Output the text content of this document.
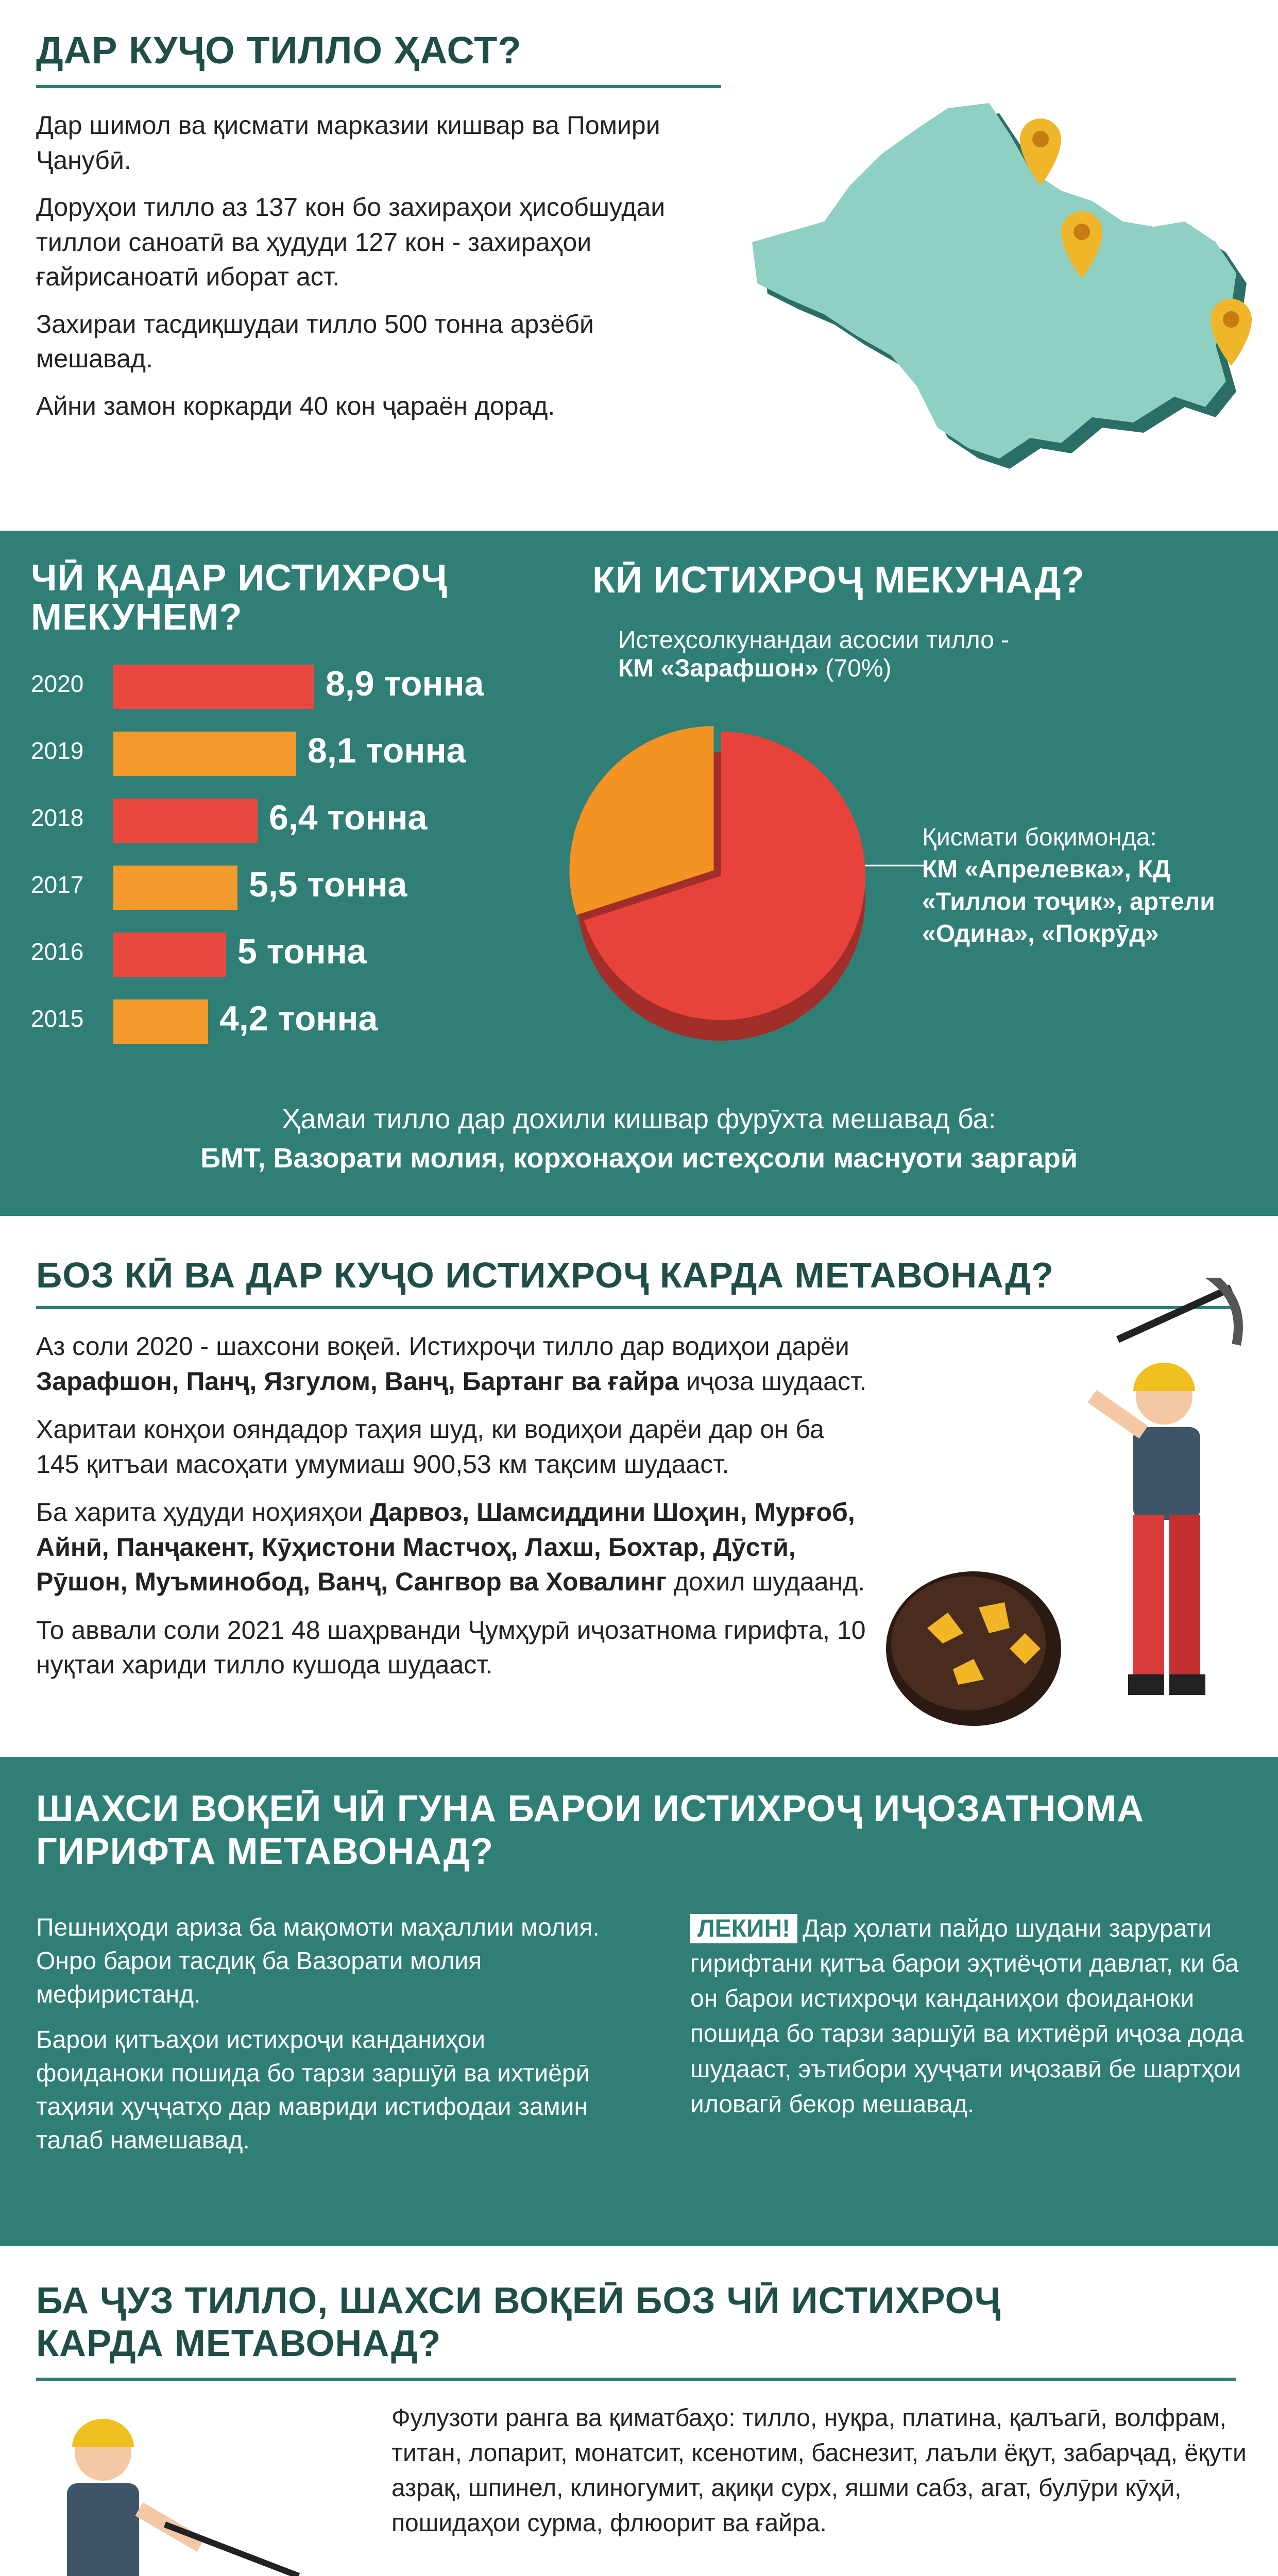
ДАР КУҶО ТИЛЛО ҲАСТ?

Дар шимол ва қисмати марказии кишвар ва Помири Ҷанубӣ.

Доруҳои тилло аз 137 кон бо захираҳои ҳисобшудаи тиллои саноатӣ ва ҳудуди 127 кон - захираҳои ғайрисаноатӣ иборат аст.

Захираи тасдиқшудаи тилло 500 тонна арзёбӣ мешавад.

Айни замон коркарди 40 кон ҷараён дорад.

ЧӢ ҚАДАР ИСТИХРОҶ МЕКУНЕМ?
КӢ ИСТИХРОҶ МЕКУНАД?
2020	8,9 тонна
2019	8,1 тонна
2018	6,4 тонна
2017	5,5 тонна
2016	5 тонна
2015	4,2 тонна
Истеҳсолкунандаи асосии тилло -
КМ «Зарафшон» (70%)
Қисмати боқимонда:
КМ «Апрелевка», КД «Тиллои тоҷик», артели «Одина», «Покрӯд»
Ҳамаи тилло дар дохили кишвар фурӯхта мешавад ба:
БМТ, Вазорати молия, корхонаҳои истеҳсоли маснуоти заргарӣ
БОЗ КӢ ВА ДАР КУҶО ИСТИХРОҶ КАРДА МЕТАВОНАД?

Аз соли 2020 - шахсони воқеӣ. Истихроҷи тилло дар водиҳои дарёи Зарафшон, Панҷ, Язгулом, Ванҷ, Бартанг ва ғайра иҷоза шудааст.

Харитаи конҳои ояндадор таҳия шуд, ки водиҳои дарёи дар он ба 145 қитъаи масоҳати умумиаш 900,53 км тақсим шудааст.

Ба харита ҳудуди ноҳияҳои Дарвоз, Шамсиддини Шоҳин, Мурғоб, Айнӣ, Панҷакент, Кӯҳистони Мастчоҳ, Лахш, Бохтар, Дӯстӣ, Рӯшон, Муъминобод, Ванҷ, Сангвор ва Ховалинг дохил шудаанд.

То аввали соли 2021 48 шаҳрванди Ҷумҳурӣ иҷозатнома гирифта, 10 нуқтаи хариди тилло кушода шудааст.

ШАХСИ ВОҚЕӢ ЧӢ ГУНА БАРОИ ИСТИХРОҶ ИҶОЗАТНОМА ГИРИФТА МЕТАВОНАД?

Пешниҳоди ариза ба мақомоти маҳаллии молия. Онро барои тасдиқ ба Вазорати молия мефиристанд.

Барои қитъаҳои истихроҷи канданиҳои фоиданоки пошида бо тарзи заршӯӣ ва ихтиёрӣ таҳияи ҳуҷҷатҳо дар мавриди истифодаи замин талаб намешавад.

ЛЕКИН! Дар ҳолати пайдо шудани зарурати гирифтани қитъа барои эҳтиёҷоти давлат, ки ба он барои истихроҷи канданиҳои фоиданоки пошида бо тарзи заршӯӣ ва ихтиёрӣ иҷоза дода шудааст, эътибори ҳуҷҷати иҷозавӣ бе шартҳои иловагӣ бекор мешавад.
БА ҶУЗ ТИЛЛО, ШАХСИ ВОҚЕӢ БОЗ ЧӢ ИСТИХРОҶ КАРДА МЕТАВОНАД?
Фулузоти ранга ва қиматбаҳо: тилло, нуқра, платина, қалъагӣ, волфрам, титан, лопарит, монатсит, ксенотим, баснезит, лаъли ёқут, забарҷад, ёқути азрақ, шпинел, клиногумит, ақиқи сурх, яшми сабз, агат, булӯри кӯҳӣ, пошидаҳои сурма, флюорит ва ғайра.
